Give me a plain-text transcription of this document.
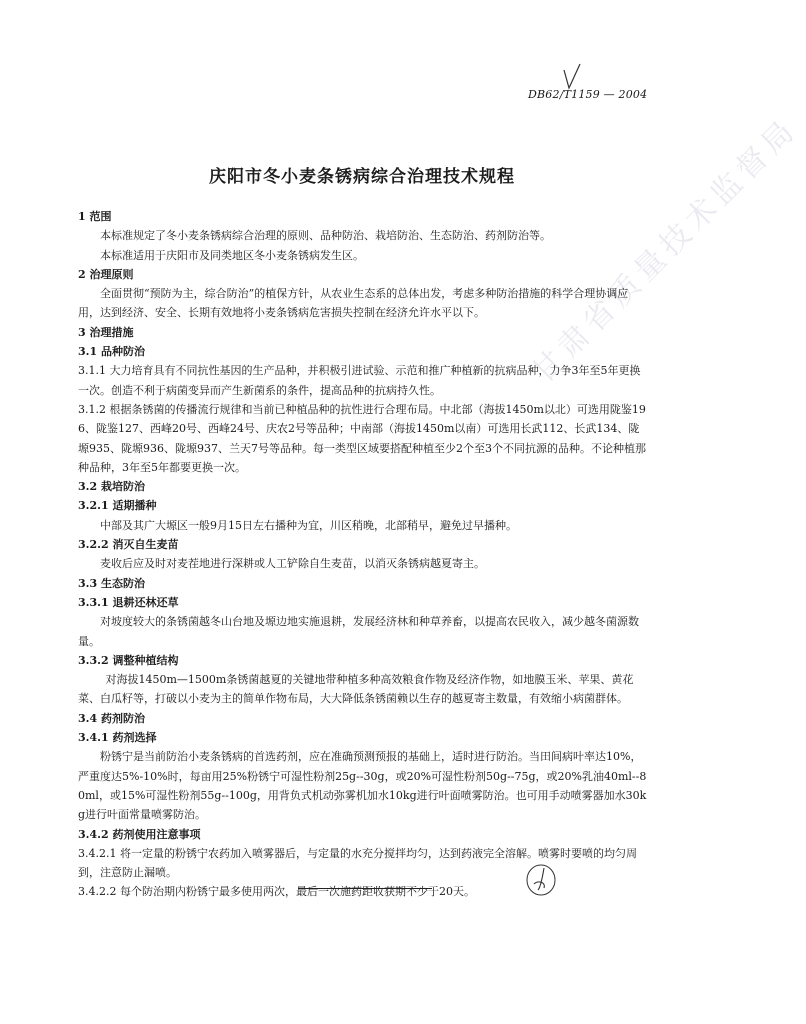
DB62/T1159 — 2004
庆阳市冬小麦条锈病综合治理技术规程 甘肃省质量技术监督局

1 范围

本标准规定了冬小麦条锈病综合治理的原则、品种防治、栽培防治、生态防治、药剂防治等。

本标准适用于庆阳市及同类地区冬小麦条锈病发生区。

2 治理原则

全面贯彻“预防为主，综合防治”的植保方针，从农业生态系的总体出发，考虑多种防治措施的科学合理协调应用，达到经济、安全、长期有效地将小麦条锈病危害损失控制在经济允许水平以下。

3 治理措施

3.1 品种防治

3.1.1 大力培育具有不同抗性基因的生产品种，并积极引进试验、示范和推广种植新的抗病品种，力争3年至5年更换一次。创造不利于病菌变异而产生新菌系的条件，提高品种的抗病持久性。

3.1.2 根据条锈菌的传播流行规律和当前已种植品种的抗性进行合理布局。中北部（海拔1450m以北）可选用陇鉴196、陇鉴127、西峰20号、西峰24号、庆农2号等品种；中南部（海拔1450m以南）可选用长武112、长武134、陇塬935、陇塬936、陇塬937、兰天7号等品种。每一类型区域要搭配种植至少2个至3个不同抗源的品种。不论种植那种品种，3年至5年都要更换一次。

3.2 栽培防治

3.2.1 适期播种

中部及其广大塬区一般9月15日左右播种为宜，川区稍晚，北部稍早，避免过早播种。

3.2.2 消灭自生麦苗

麦收后应及时对麦茬地进行深耕或人工铲除自生麦苗，以消灭条锈病越夏寄主。

3.3 生态防治

3.3.1 退耕还林还草

对坡度较大的条锈菌越冬山台地及塬边地实施退耕，发展经济林和种草养畜，以提高农民收入，减少越冬菌源数量。

3.3.2 调整种植结构

对海拔1450m—1500m条锈菌越夏的关键地带种植多种高效粮食作物及经济作物，如地膜玉米、苹果、黄花菜、白瓜籽等，打破以小麦为主的简单作物布局，大大降低条锈菌赖以生存的越夏寄主数量，有效缩小病菌群体。

3.4 药剂防治

3.4.1 药剂选择

粉锈宁是当前防治小麦条锈病的首选药剂，应在准确预测预报的基础上，适时进行防治。当田间病叶率达10%，严重度达5%-10%时，每亩用25%粉锈宁可湿性粉剂25g--30g，或20%可湿性粉剂50g--75g，或20%乳油40ml--80ml，或15%可湿性粉剂55g--100g，用背负式机动弥雾机加水10kg进行叶面喷雾防治。也可用手动喷雾器加水30kg进行叶面常量喷雾防治。

3.4.2 药剂使用注意事项

3.4.2.1 将一定量的粉锈宁农药加入喷雾器后，与定量的水充分搅拌均匀，达到药液完全溶解。喷雾时要喷的均匀周到，注意防止漏喷。

3.4.2.2 每个防治期内粉锈宁最多使用两次，最后一次施药距收获期不少于20天。
